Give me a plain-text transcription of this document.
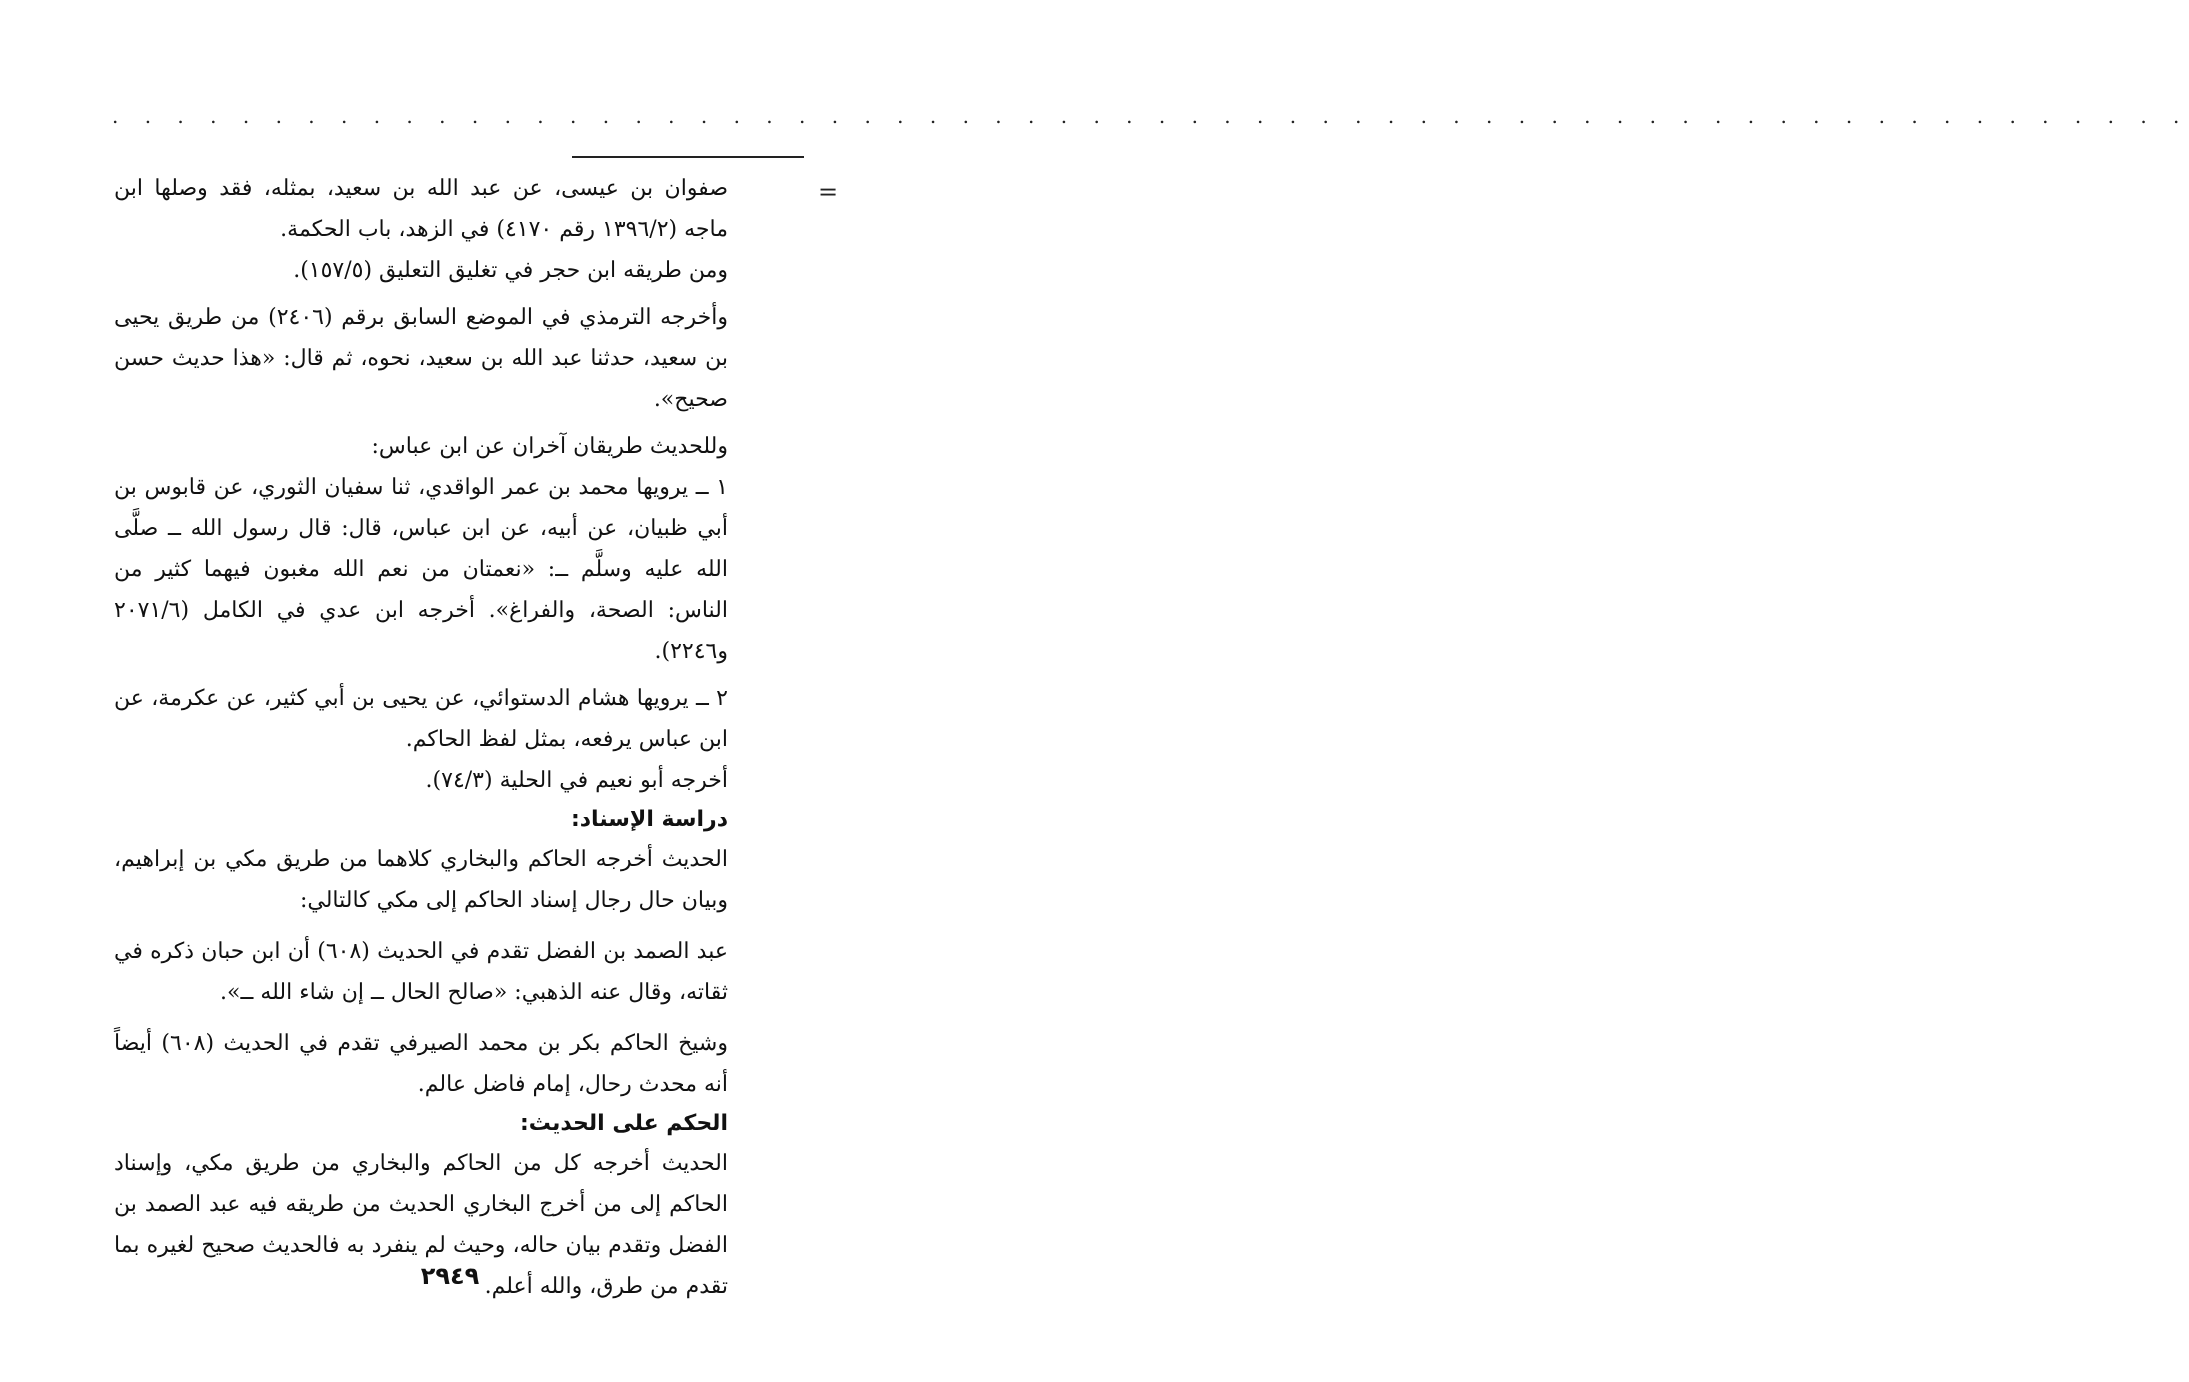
. . . . . . . . . . . . . . . . . . . . . . . . . . . . . . . . . . . . . . . . . . . . . . . . . . . . . . . . . . . . . . . .
=

صفوان بن عيسى، عن عبد الله بن سعيد، بمثله، فقد وصلها ابن ماجه (١٣٩٦/٢ رقم ٤١٧٠) في الزهد، باب الحكمة.

ومن طريقه ابن حجر في تغليق التعليق (١٥٧/٥).

وأخرجه الترمذي في الموضع السابق برقم (٢٤٠٦) من طريق يحيى بن سعيد، حدثنا عبد الله بن سعيد، نحوه، ثم قال: «هذا حديث حسن صحيح».

وللحديث طريقان آخران عن ابن عباس:

١ ــ يرويها محمد بن عمر الواقدي، ثنا سفيان الثوري، عن قابوس بن أبي ظبيان، عن أبيه، عن ابن عباس، قال: قال رسول الله ــ صلَّى الله عليه وسلَّم ــ: «نعمتان من نعم الله مغبون فيهما كثير من الناس: الصحة، والفراغ». أخرجه ابن عدي في الكامل (٢٠٧١/٦ و٢٢٤٦).

٢ ــ يرويها هشام الدستوائي، عن يحيى بن أبي كثير، عن عكرمة، عن ابن عباس يرفعه، بمثل لفظ الحاكم.

أخرجه أبو نعيم في الحلية (٧٤/٣).

دراسة الإسناد:

الحديث أخرجه الحاكم والبخاري كلاهما من طريق مكي بن إبراهيم، وبيان حال رجال إسناد الحاكم إلى مكي كالتالي:

عبد الصمد بن الفضل تقدم في الحديث (٦٠٨) أن ابن حبان ذكره في ثقاته، وقال عنه الذهبي: «صالح الحال ــ إن شاء الله ــ».

وشيخ الحاكم بكر بن محمد الصيرفي تقدم في الحديث (٦٠٨) أيضاً أنه محدث رحال، إمام فاضل عالم.

الحكم على الحديث:

الحديث أخرجه كل من الحاكم والبخاري من طريق مكي، وإسناد الحاكم إلى من أخرج البخاري الحديث من طريقه فيه عبد الصمد بن الفضل وتقدم بيان حاله، وحيث لم ينفرد به فالحديث صحيح لغيره بما تقدم من طرق، والله أعلم.

٢٩٤٩
